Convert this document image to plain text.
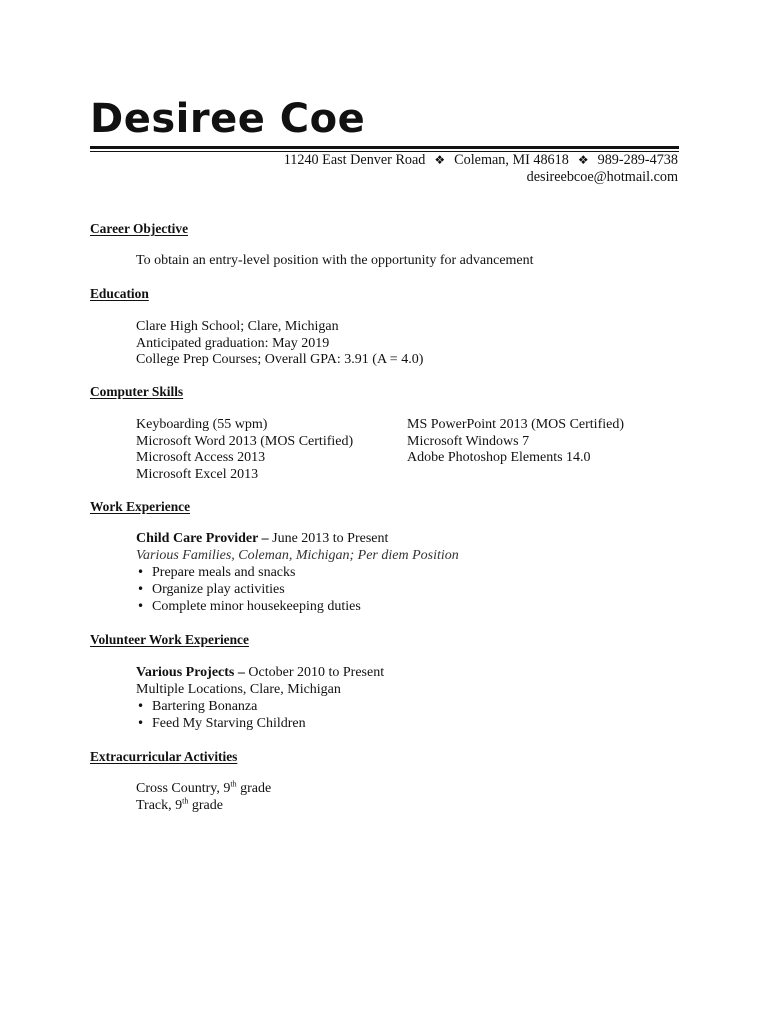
Desiree Coe
11240 East Denver Road ❖ Coleman, MI 48618 ❖ 989-289-4738
desireebcoe@hotmail.com
Career Objective
To obtain an entry-level position with the opportunity for advancement
Education
Clare High School; Clare, Michigan
Anticipated graduation: May 2019
College Prep Courses; Overall GPA: 3.91 (A = 4.0)
Computer Skills
Keyboarding (55 wpm)
Microsoft Word 2013 (MOS Certified)
Microsoft Access 2013
Microsoft Excel 2013
MS PowerPoint 2013 (MOS Certified)
Microsoft Windows 7
Adobe Photoshop Elements 14.0
Work Experience
Child Care Provider – June 2013 to Present
Various Families, Coleman, Michigan; Per diem Position
• Prepare meals and snacks
• Organize play activities
• Complete minor housekeeping duties
Volunteer Work Experience
Various Projects – October 2010 to Present
Multiple Locations, Clare, Michigan
• Bartering Bonanza
• Feed My Starving Children
Extracurricular Activities
Cross Country, 9th grade
Track, 9th grade
